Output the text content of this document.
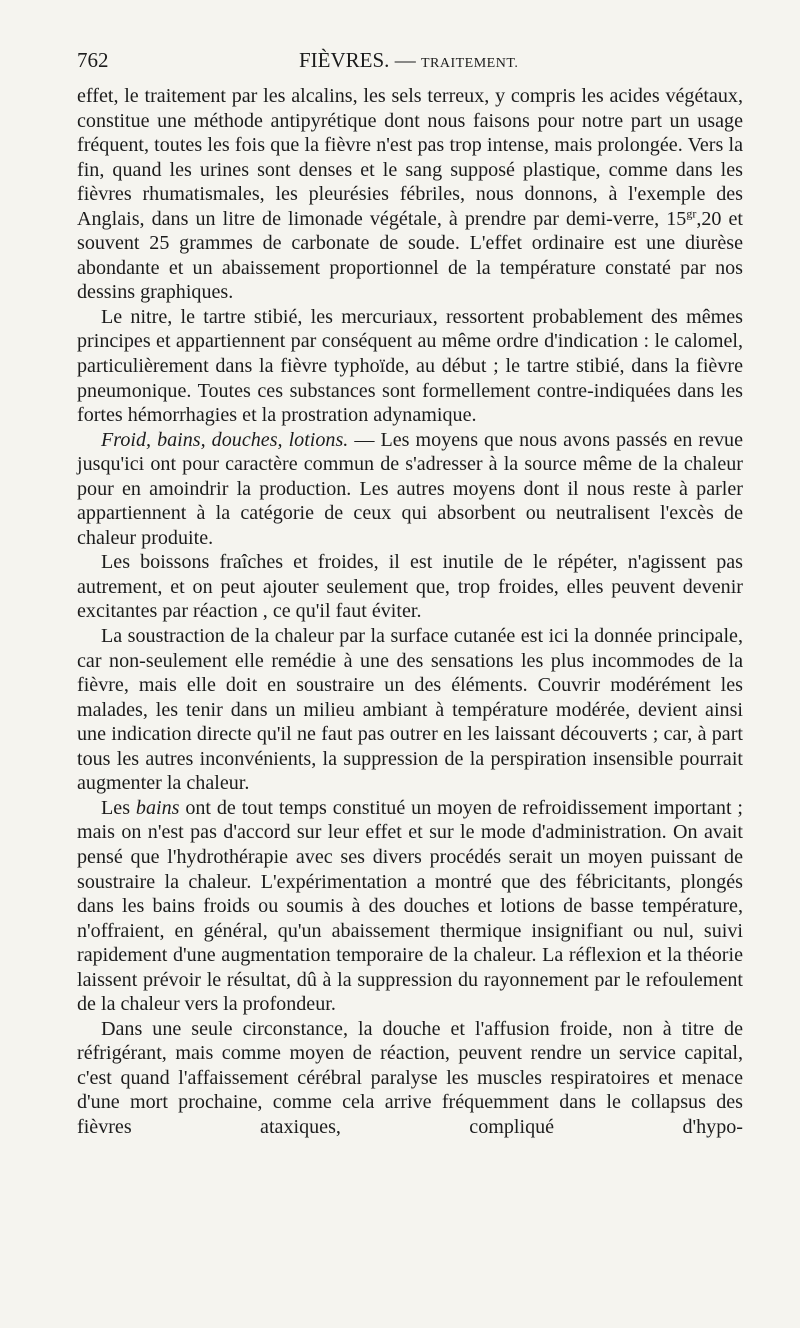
762	FIÈVRES. — TRAITEMENT.

effet, le traitement par les alcalins, les sels terreux, y compris les acides végétaux, constitue une méthode antipyrétique dont nous faisons pour notre part un usage fréquent, toutes les fois que la fièvre n'est pas trop intense, mais prolongée. Vers la fin, quand les urines sont denses et le sang supposé plastique, comme dans les fièvres rhumatismales, les pleurésies fébriles, nous donnons, à l'exemple des Anglais, dans un litre de limonade végétale, à prendre par demi-verre, $15^{gr},20$ et souvent 25 grammes de carbonate de soude. L'effet ordinaire est une diurèse abondante et un abaissement proportionnel de la température constaté par nos dessins graphiques.

Le nitre, le tartre stibié, les mercuriaux, ressortent probablement des mêmes principes et appartiennent par conséquent au même ordre d'indication : le calomel, particulièrement dans la fièvre typhoïde, au début ; le tartre stibié, dans la fièvre pneumonique. Toutes ces substances sont formellement contre-indiquées dans les fortes hémorrhagies et la prostration adynamique.

Froid, bains, douches, lotions. — Les moyens que nous avons passés en revue jusqu'ici ont pour caractère commun de s'adresser à la source même de la chaleur pour en amoindrir la production. Les autres moyens dont il nous reste à parler appartiennent à la catégorie de ceux qui absorbent ou neutralisent l'excès de chaleur produite.

Les boissons fraîches et froides, il est inutile de le répéter, n'agissent pas autrement, et on peut ajouter seulement que, trop froides, elles peuvent devenir excitantes par réaction , ce qu'il faut éviter.

La soustraction de la chaleur par la surface cutanée est ici la donnée principale, car non-seulement elle remédie à une des sensations les plus incommodes de la fièvre, mais elle doit en soustraire un des éléments. Couvrir modérément les malades, les tenir dans un milieu ambiant à température modérée, devient ainsi une indication directe qu'il ne faut pas outrer en les laissant découverts ; car, à part tous les autres inconvénients, la suppression de la perspiration insensible pourrait augmenter la chaleur.

Les bains ont de tout temps constitué un moyen de refroidissement important ; mais on n'est pas d'accord sur leur effet et sur le mode d'administration. On avait pensé que l'hydrothérapie avec ses divers procédés serait un moyen puissant de soustraire la chaleur. L'expérimentation a montré que des fébricitants, plongés dans les bains froids ou soumis à des douches et lotions de basse température, n'offraient, en général, qu'un abaissement thermique insignifiant ou nul, suivi rapidement d'une augmentation temporaire de la chaleur. La réflexion et la théorie laissent prévoir le résultat, dû à la suppression du rayonnement par le refoulement de la chaleur vers la profondeur.

Dans une seule circonstance, la douche et l'affusion froide, non à titre de réfrigérant, mais comme moyen de réaction, peuvent rendre un service capital, c'est quand l'affaissement cérébral paralyse les muscles respiratoires et menace d'une mort prochaine, comme cela arrive fréquemment dans le collapsus des fièvres ataxiques, compliqué d'hypo-
